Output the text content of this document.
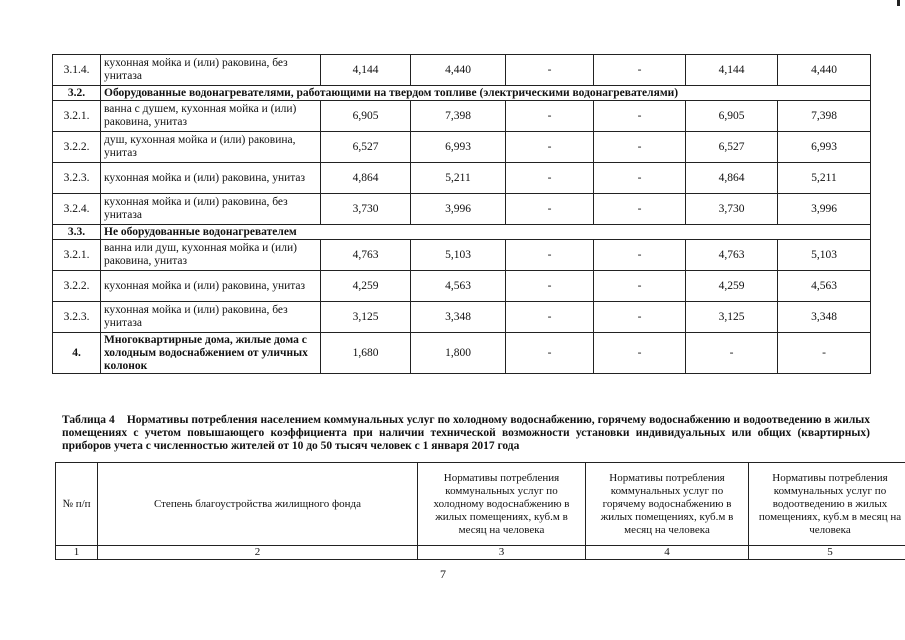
3.1.4.	кухонная мойка и (или) раковина, без унитаза	4,144	4,440	-	-	4,144	4,440
3.2.	Оборудованные водонагревателями, работающими на твердом топливе (электрическими водонагревателями)						
3.2.1.	ванна с душем, кухонная мойка и (или) раковина, унитаз	6,905	7,398	-	-	6,905	7,398
3.2.2.	душ, кухонная мойка и (или) раковина, унитаз	6,527	6,993	-	-	6,527	6,993
3.2.3.	кухонная мойка и (или) раковина, унитаз	4,864	5,211	-	-	4,864	5,211
3.2.4.	кухонная мойка и (или) раковина, без унитаза	3,730	3,996	-	-	3,730	3,996
3.3.	Не оборудованные водонагревателем						
3.2.1.	ванна или душ, кухонная мойка и (или) раковина, унитаз	4,763	5,103	-	-	4,763	5,103
3.2.2.	кухонная мойка и (или) раковина, унитаз	4,259	4,563	-	-	4,259	4,563
3.2.3.	кухонная мойка и (или) раковина, без унитаза	3,125	3,348	-	-	3,125	3,348
4.	Многоквартирные дома, жилые дома с холодным водоснабжением от уличных колонок	1,680	1,800	-	-	-	-
Таблица 4 Нормативы потребления населением коммунальных услуг по холодному водоснабжению, горячему водоснабжению и водоотведению в жилых помещениях с учетом повышающего коэффициента при наличии технической возможности установки индивидуальных или общих (квартирных) приборов учета с численностью жителей от 10 до 50 тысяч человек с 1 января 2017 года
№ п/п	Степень благоустройства жилищного фонда	Нормативы потребления коммунальных услуг по холодному водоснабжению в жилых помещениях, куб.м в месяц на человека	Нормативы потребления коммунальных услуг по горячему водоснабжению в жилых помещениях, куб.м в месяц на человека	Нормативы потребления коммунальных услуг по водоотведению в жилых помещениях, куб.м в месяц на человека
1	2	3	4	5
7
